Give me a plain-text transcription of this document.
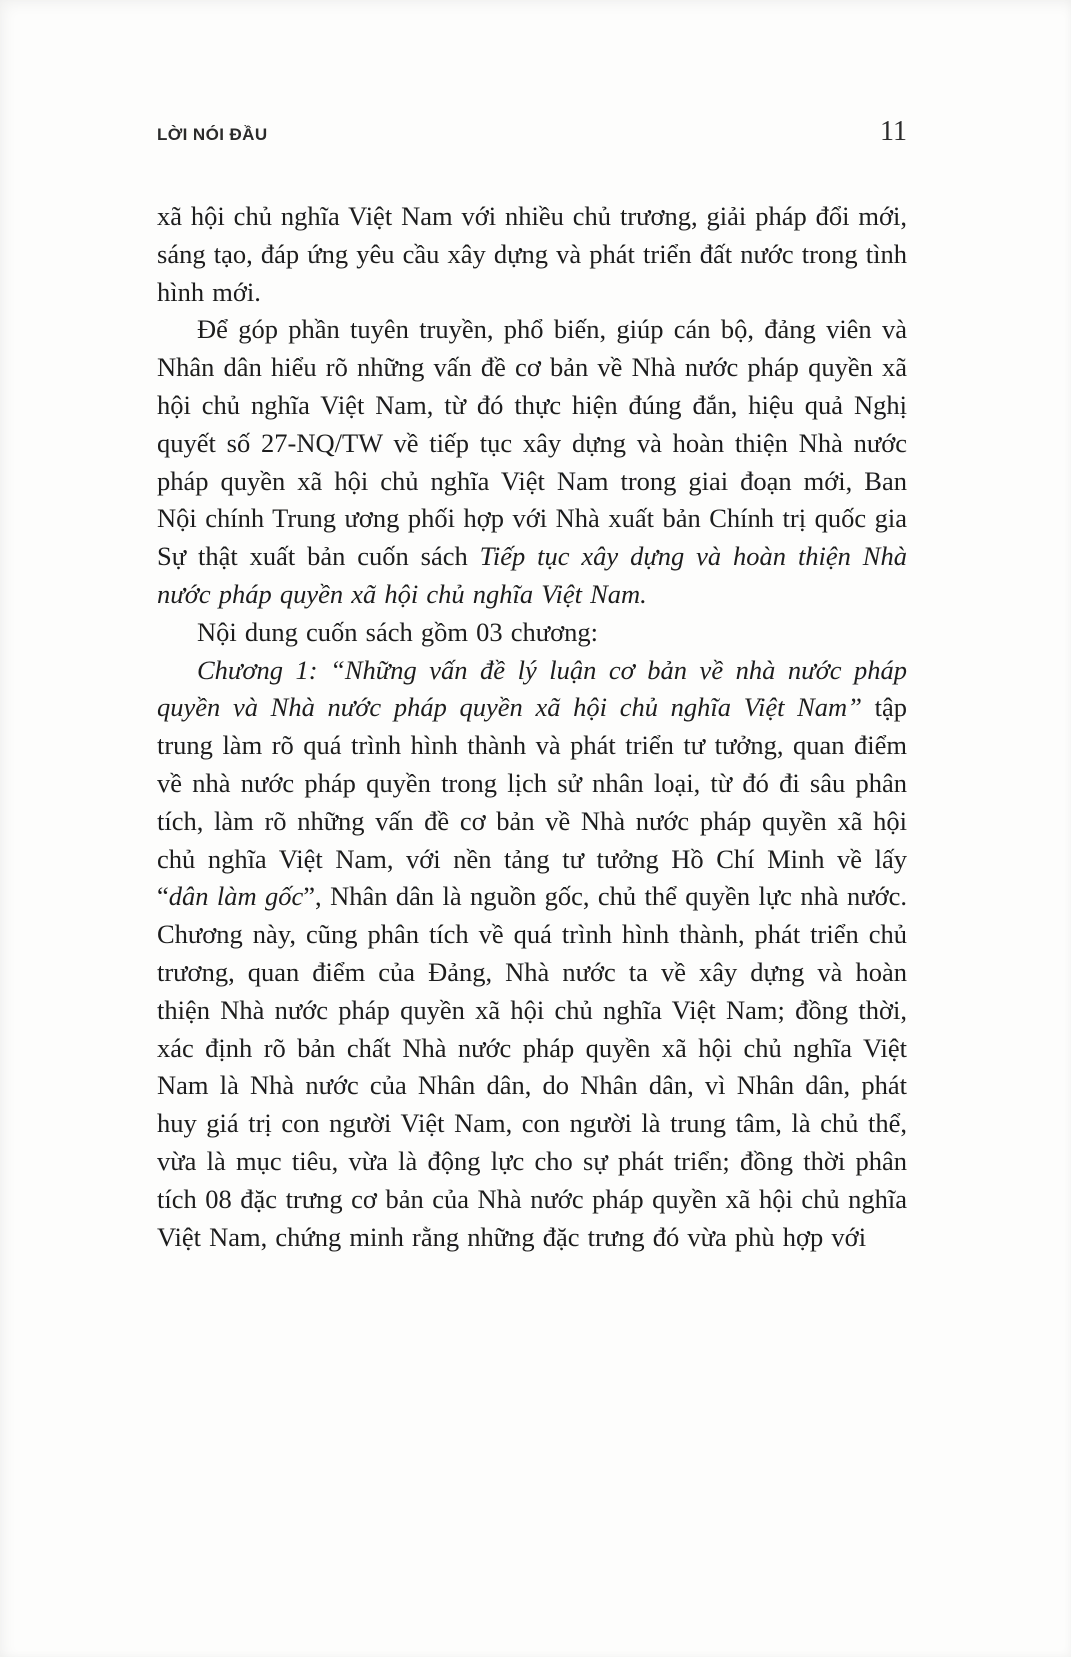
LỜI NÓI ĐẦU	11

xã hội chủ nghĩa Việt Nam với nhiều chủ trương, giải pháp đổi mới, sáng tạo, đáp ứng yêu cầu xây dựng và phát triển đất nước trong tình hình mới.

Để góp phần tuyên truyền, phổ biến, giúp cán bộ, đảng viên và Nhân dân hiểu rõ những vấn đề cơ bản về Nhà nước pháp quyền xã hội chủ nghĩa Việt Nam, từ đó thực hiện đúng đắn, hiệu quả Nghị quyết số 27-NQ/TW về tiếp tục xây dựng và hoàn thiện Nhà nước pháp quyền xã hội chủ nghĩa Việt Nam trong giai đoạn mới, Ban Nội chính Trung ương phối hợp với Nhà xuất bản Chính trị quốc gia Sự thật xuất bản cuốn sách Tiếp tục xây dựng và hoàn thiện Nhà nước pháp quyền xã hội chủ nghĩa Việt Nam.

Nội dung cuốn sách gồm 03 chương:

Chương 1: “Những vấn đề lý luận cơ bản về nhà nước pháp quyền và Nhà nước pháp quyền xã hội chủ nghĩa Việt Nam” tập trung làm rõ quá trình hình thành và phát triển tư tưởng, quan điểm về nhà nước pháp quyền trong lịch sử nhân loại, từ đó đi sâu phân tích, làm rõ những vấn đề cơ bản về Nhà nước pháp quyền xã hội chủ nghĩa Việt Nam, với nền tảng tư tưởng Hồ Chí Minh về lấy “dân làm gốc”, Nhân dân là nguồn gốc, chủ thể quyền lực nhà nước. Chương này, cũng phân tích về quá trình hình thành, phát triển chủ trương, quan điểm của Đảng, Nhà nước ta về xây dựng và hoàn thiện Nhà nước pháp quyền xã hội chủ nghĩa Việt Nam; đồng thời, xác định rõ bản chất Nhà nước pháp quyền xã hội chủ nghĩa Việt Nam là Nhà nước của Nhân dân, do Nhân dân, vì Nhân dân, phát huy giá trị con người Việt Nam, con người là trung tâm, là chủ thể, vừa là mục tiêu, vừa là động lực cho sự phát triển; đồng thời phân tích 08 đặc trưng cơ bản của Nhà nước pháp quyền xã hội chủ nghĩa Việt Nam, chứng minh rằng những đặc trưng đó vừa phù hợp với
